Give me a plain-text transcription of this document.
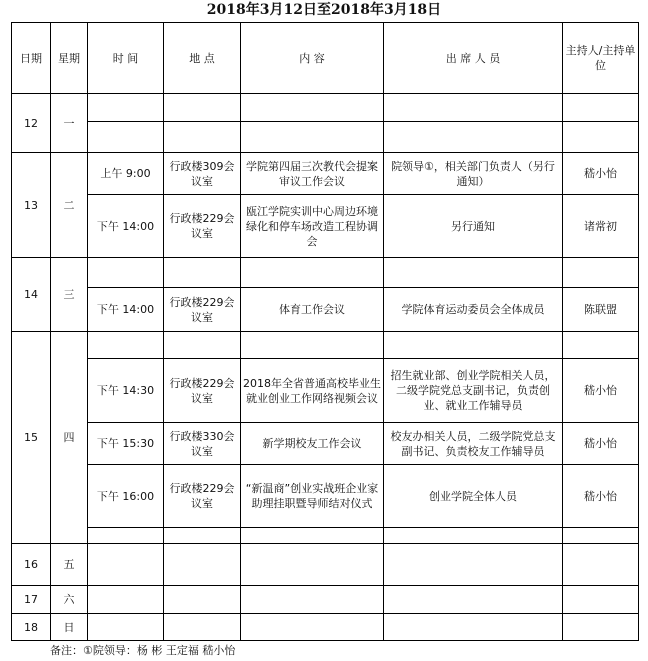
2018年3月12日至2018年3月18日
日期	星期	时 间	地 点	内 容	出 席 人 员	主持人/主持单位
12	一					

13	二	上午 9:00	行政楼309会议室	学院第四届三次教代会提案审议工作会议	院领导①，相关部门负责人（另行通知）	嵇小怡
		下午 14:00	行政楼229会议室	瓯江学院实训中心周边环境绿化和停车场改造工程协调会	另行通知	诸常初
14	三					
		下午 14:00	行政楼229会议室	体育工作会议	学院体育运动委员会全体成员	陈联盟
15	四					
		下午 14:30	行政楼229会议室	2018年全省普通高校毕业生就业创业工作网络视频会议	招生就业部、创业学院相关人员，二级学院党总支副书记，负责创业、就业工作辅导员	嵇小怡
		下午 15:30	行政楼330会议室	新学期校友工作会议	校友办相关人员，二级学院党总支副书记、负责校友工作辅导员	嵇小怡
		下午 16:00	行政楼229会议室	“新温商”创业实战班企业家助理挂职暨导师结对仪式	创业学院全体人员	嵇小怡

16	五					
17	六					
18	日					
备注：①院领导：杨 彬 王定福 嵇小怡
